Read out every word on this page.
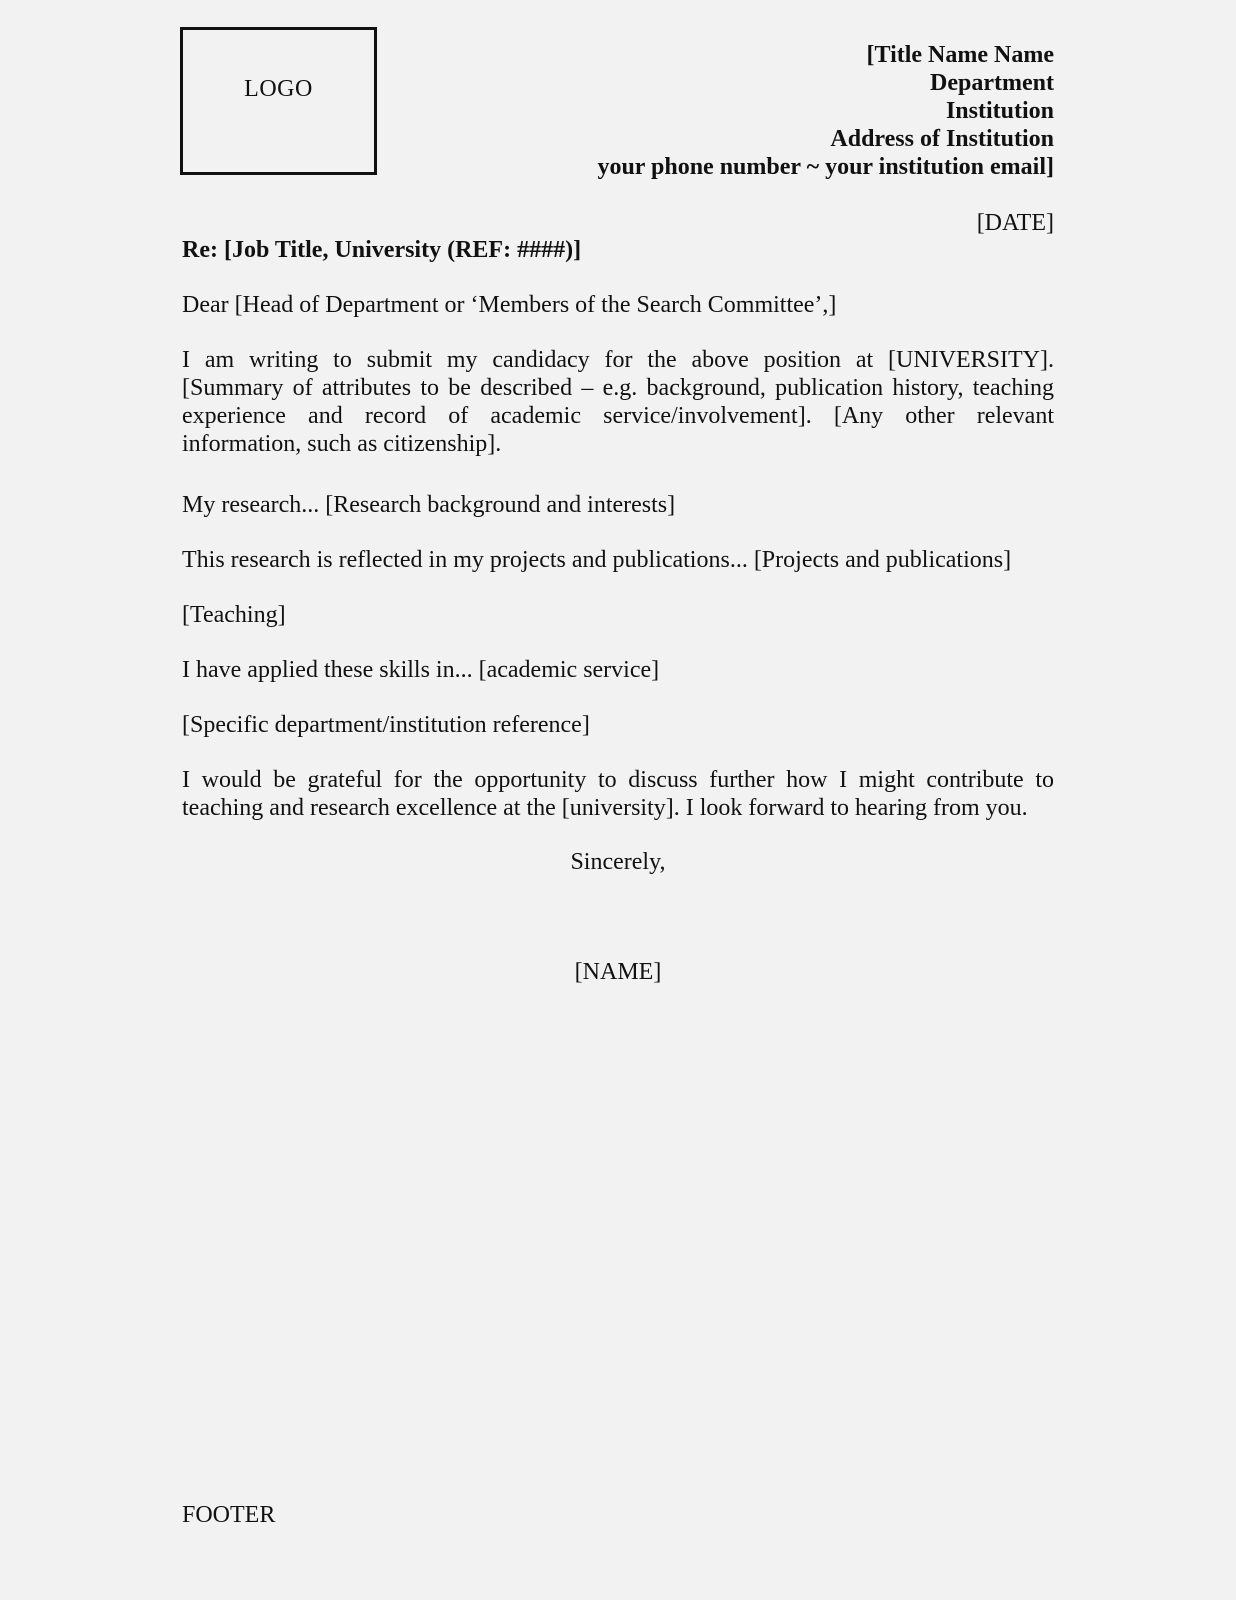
LOGO
[Title Name Name
Department
Institution
Address of Institution
your phone number ~ your institution email]
[DATE]
Re: [Job Title, University (REF: ####)]
Dear [Head of Department or ‘Members of the Search Committee’,]
I am writing to submit my candidacy for the above position at [UNIVERSITY].
[Summary of attributes to be described – e.g. background, publication history, teaching
experience and record of academic service/involvement]. [Any other relevant
information, such as citizenship].
My research... [Research background and interests]
This research is reflected in my projects and publications... [Projects and publications]
[Teaching]
I have applied these skills in... [academic service]
[Specific department/institution reference]
I would be grateful for the opportunity to discuss further how I might contribute to
teaching and research excellence at the [university]. I look forward to hearing from you.
Sincerely,
[NAME]
FOOTER
